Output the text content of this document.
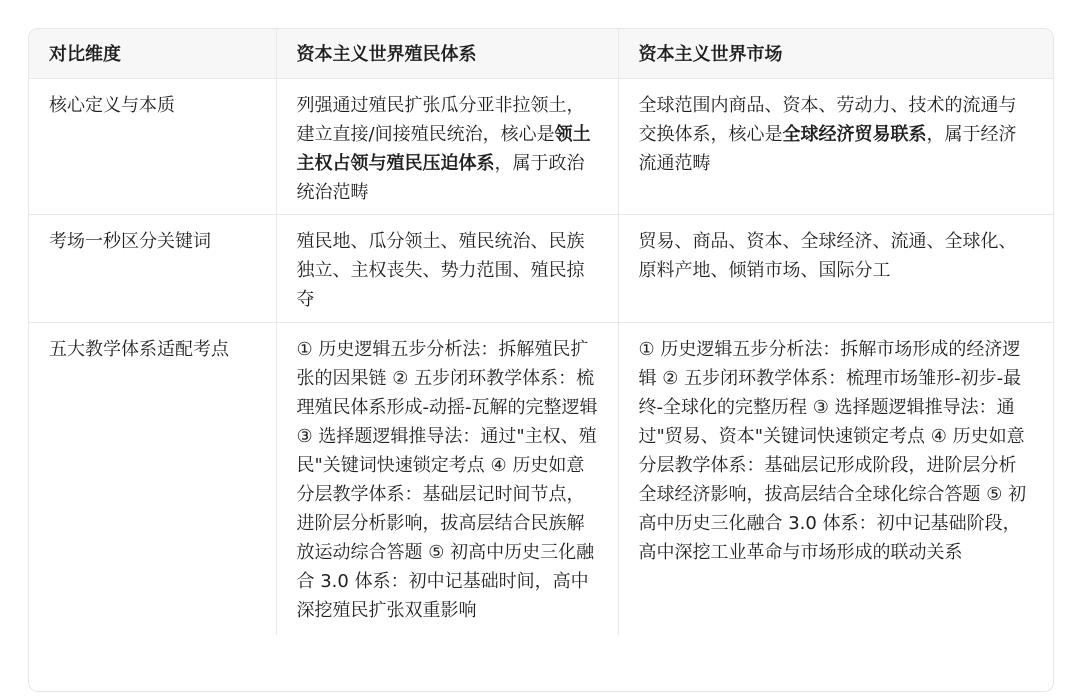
对比维度	资本主义世界殖民体系	资本主义世界市场
核心定义与本质	列强通过殖民扩张瓜分亚非拉领土，建立直接/间接殖民统治，核心是领土主权占领与殖民压迫体系，属于政治统治范畴	全球范围内商品、资本、劳动力、技术的流通与交换体系，核心是全球经济贸易联系，属于经济流通范畴
考场一秒区分关键词	殖民地、瓜分领土、殖民统治、民族独立、主权丧失、势力范围、殖民掠夺	贸易、商品、资本、全球经济、流通、全球化、原料产地、倾销市场、国际分工
五大教学体系适配考点	① 历史逻辑五步分析法：拆解殖民扩张的因果链 ② 五步闭环教学体系：梳理殖民体系形成-动摇-瓦解的完整逻辑 ③ 选择题逻辑推导法：通过"主权、殖民"关键词快速锁定考点 ④ 历史如意分层教学体系：基础层记时间节点，进阶层分析影响，拔高层结合民族解放运动综合答题 ⑤ 初高中历史三化融合 3.0 体系：初中记基础时间，高中深挖殖民扩张双重影响	① 历史逻辑五步分析法：拆解市场形成的经济逻辑 ② 五步闭环教学体系：梳理市场雏形-初步-最终-全球化的完整历程 ③ 选择题逻辑推导法：通过"贸易、资本"关键词快速锁定考点 ④ 历史如意分层教学体系：基础层记形成阶段，进阶层分析全球经济影响，拔高层结合全球化综合答题 ⑤ 初高中历史三化融合 3.0 体系：初中记基础阶段，高中深挖工业革命与市场形成的联动关系
